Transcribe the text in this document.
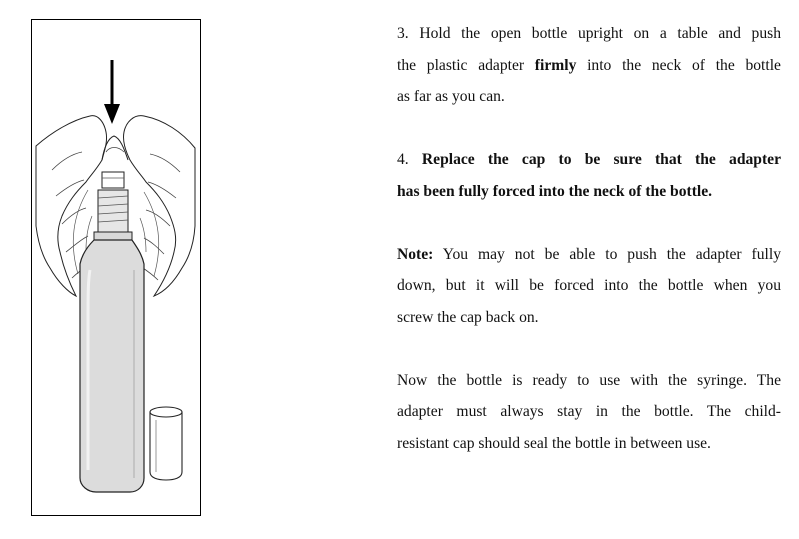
3. Hold the open bottle upright on a table and push
the plastic adapter firmly into the neck of the bottle
as far as you can.
4. Replace the cap to be sure that the adapter
has been fully forced into the neck of the bottle.
Note: You may not be able to push the adapter fully
down, but it will be forced into the bottle when you
screw the cap back on.
Now the bottle is ready to use with the syringe. The
adapter must always stay in the bottle. The child-
resistant cap should seal the bottle in between use.
